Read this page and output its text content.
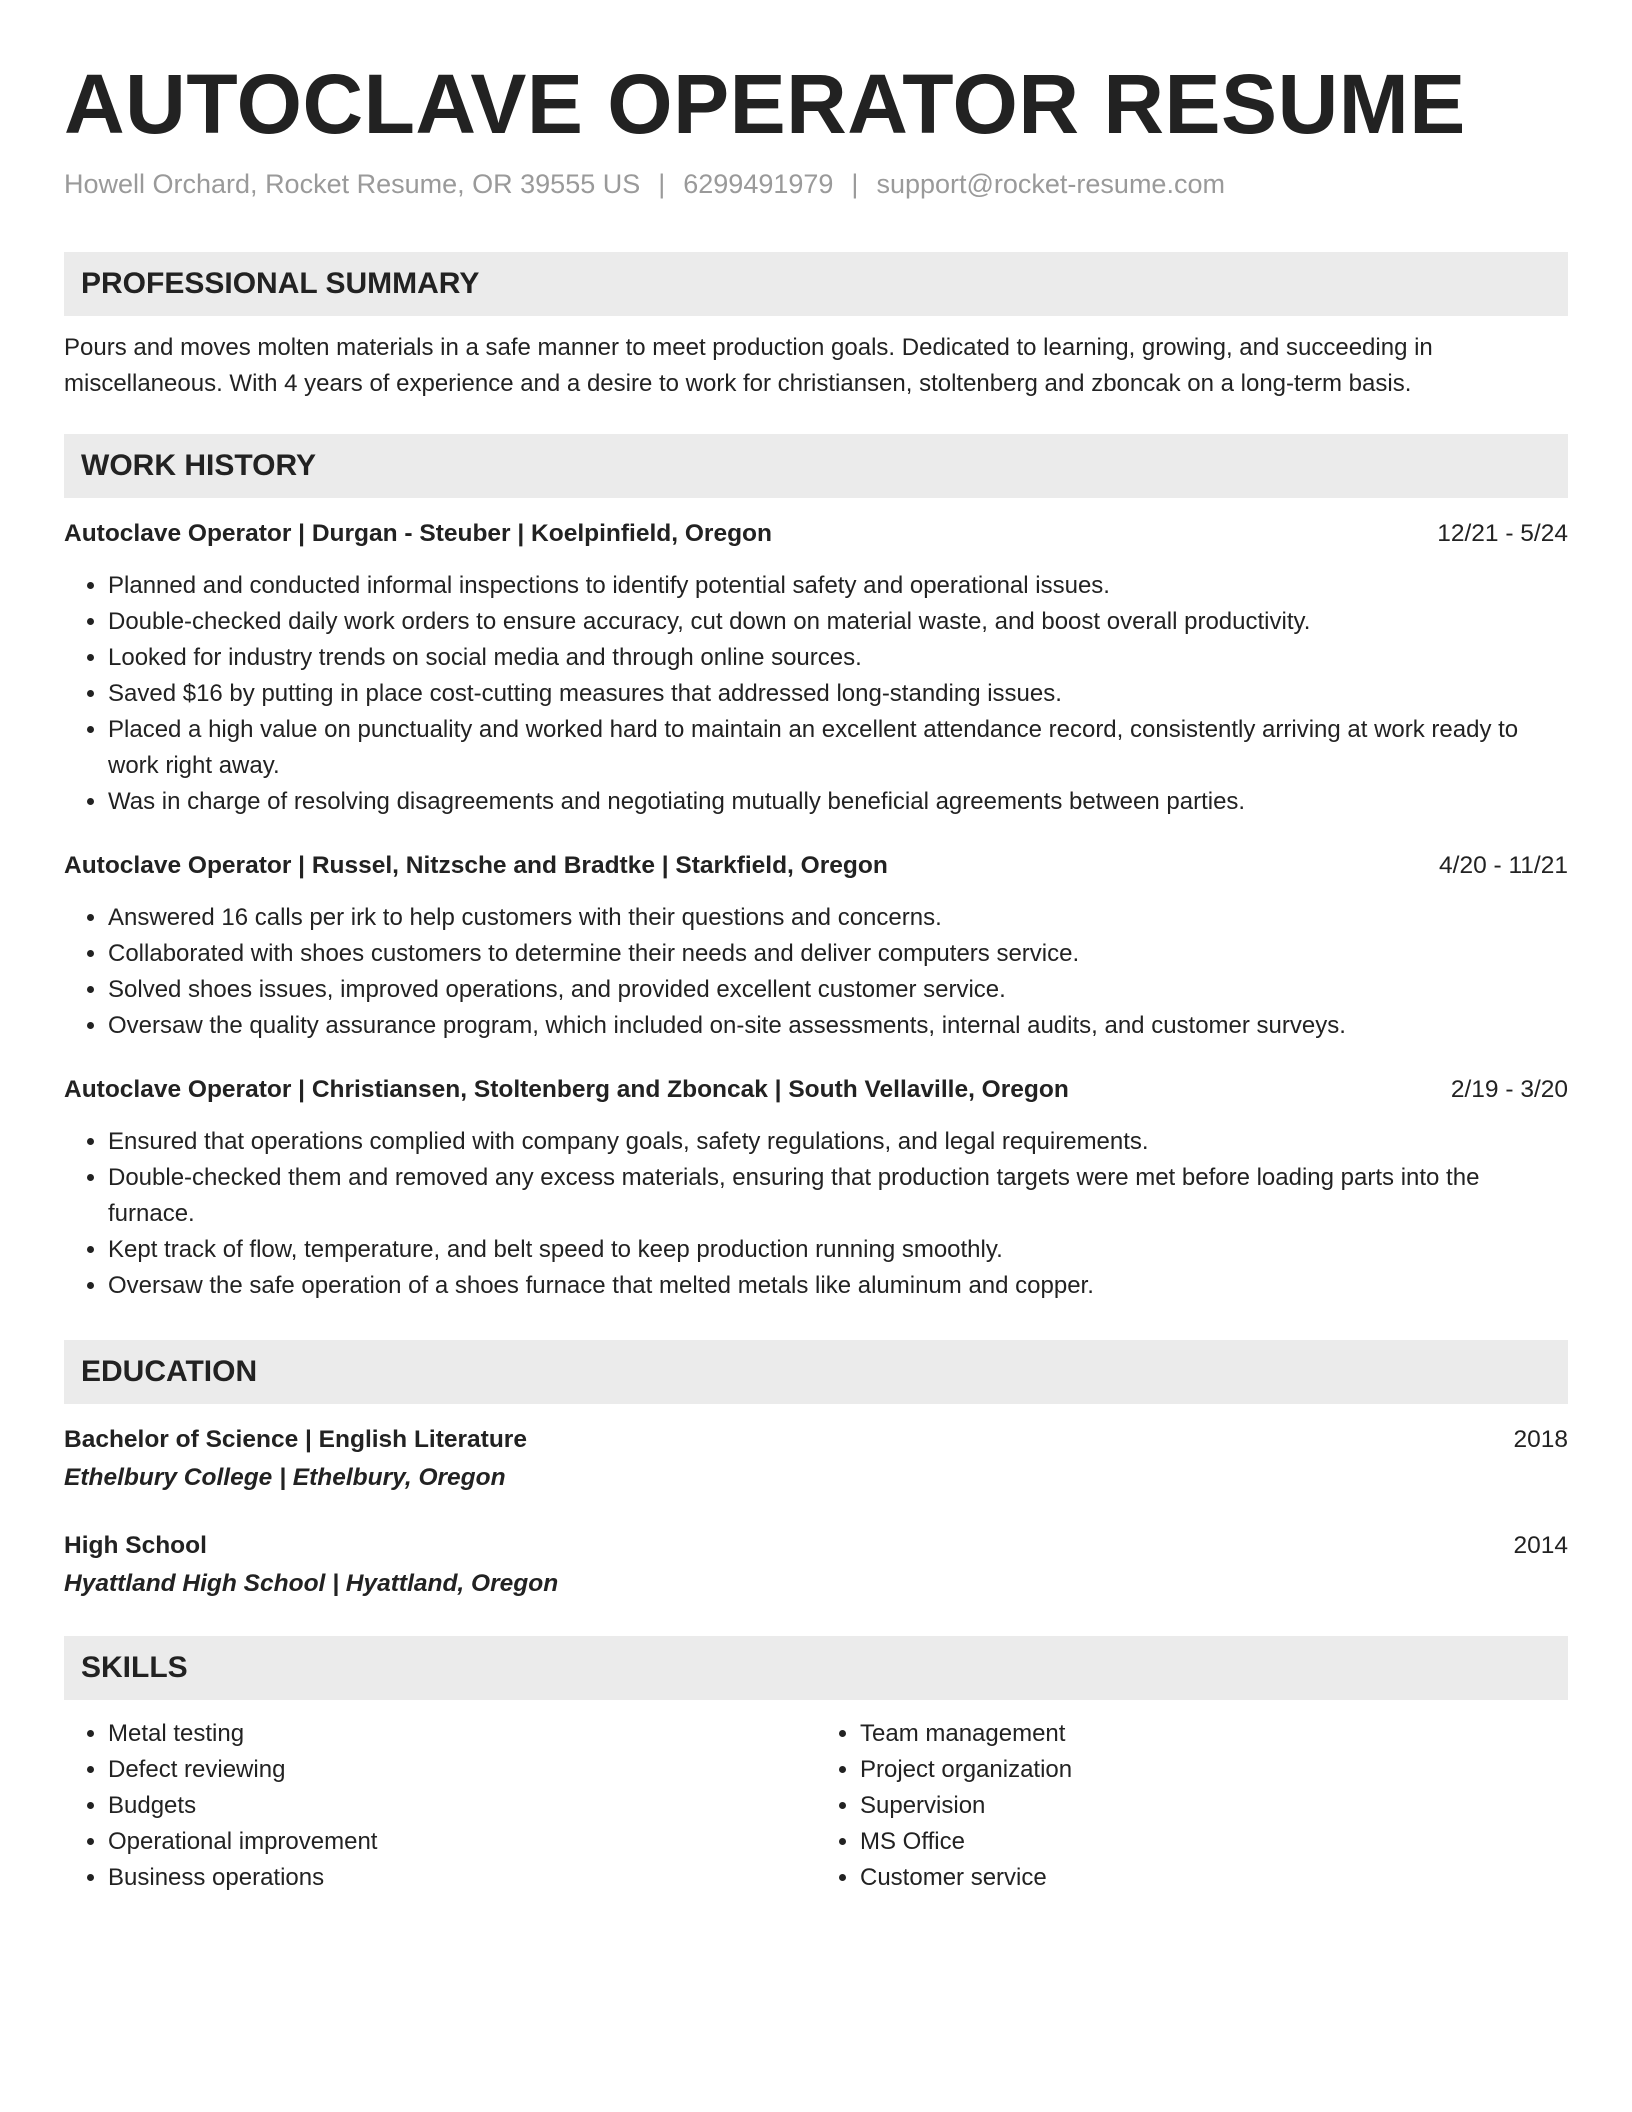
AUTOCLAVE OPERATOR RESUME
Howell Orchard, Rocket Resume, OR 39555 US | 6299491979 | support@rocket-resume.com
PROFESSIONAL SUMMARY
Pours and moves molten materials in a safe manner to meet production goals. Dedicated to learning, growing, and succeeding in miscellaneous. With 4 years of experience and a desire to work for christiansen, stoltenberg and zboncak on a long-term basis.
WORK HISTORY
Autoclave Operator | Durgan - Steuber | Koelpinfield, Oregon	12/21 - 5/24
• Planned and conducted informal inspections to identify potential safety and operational issues.
• Double-checked daily work orders to ensure accuracy, cut down on material waste, and boost overall productivity.
• Looked for industry trends on social media and through online sources.
• Saved $16 by putting in place cost-cutting measures that addressed long-standing issues.
• Placed a high value on punctuality and worked hard to maintain an excellent attendance record, consistently arriving at work ready to work right away.
• Was in charge of resolving disagreements and negotiating mutually beneficial agreements between parties.
Autoclave Operator | Russel, Nitzsche and Bradtke | Starkfield, Oregon	4/20 - 11/21
• Answered 16 calls per irk to help customers with their questions and concerns.
• Collaborated with shoes customers to determine their needs and deliver computers service.
• Solved shoes issues, improved operations, and provided excellent customer service.
• Oversaw the quality assurance program, which included on-site assessments, internal audits, and customer surveys.
Autoclave Operator | Christiansen, Stoltenberg and Zboncak | South Vellaville, Oregon	2/19 - 3/20
• Ensured that operations complied with company goals, safety regulations, and legal requirements.
• Double-checked them and removed any excess materials, ensuring that production targets were met before loading parts into the furnace.
• Kept track of flow, temperature, and belt speed to keep production running smoothly.
• Oversaw the safe operation of a shoes furnace that melted metals like aluminum and copper.
EDUCATION
Bachelor of Science | English Literature	2018
Ethelbury College | Ethelbury, Oregon
High School	2014
Hyattland High School | Hyattland, Oregon
SKILLS
• Metal testing
• Defect reviewing
• Budgets
• Operational improvement
• Business operations
• Team management
• Project organization
• Supervision
• MS Office
• Customer service
